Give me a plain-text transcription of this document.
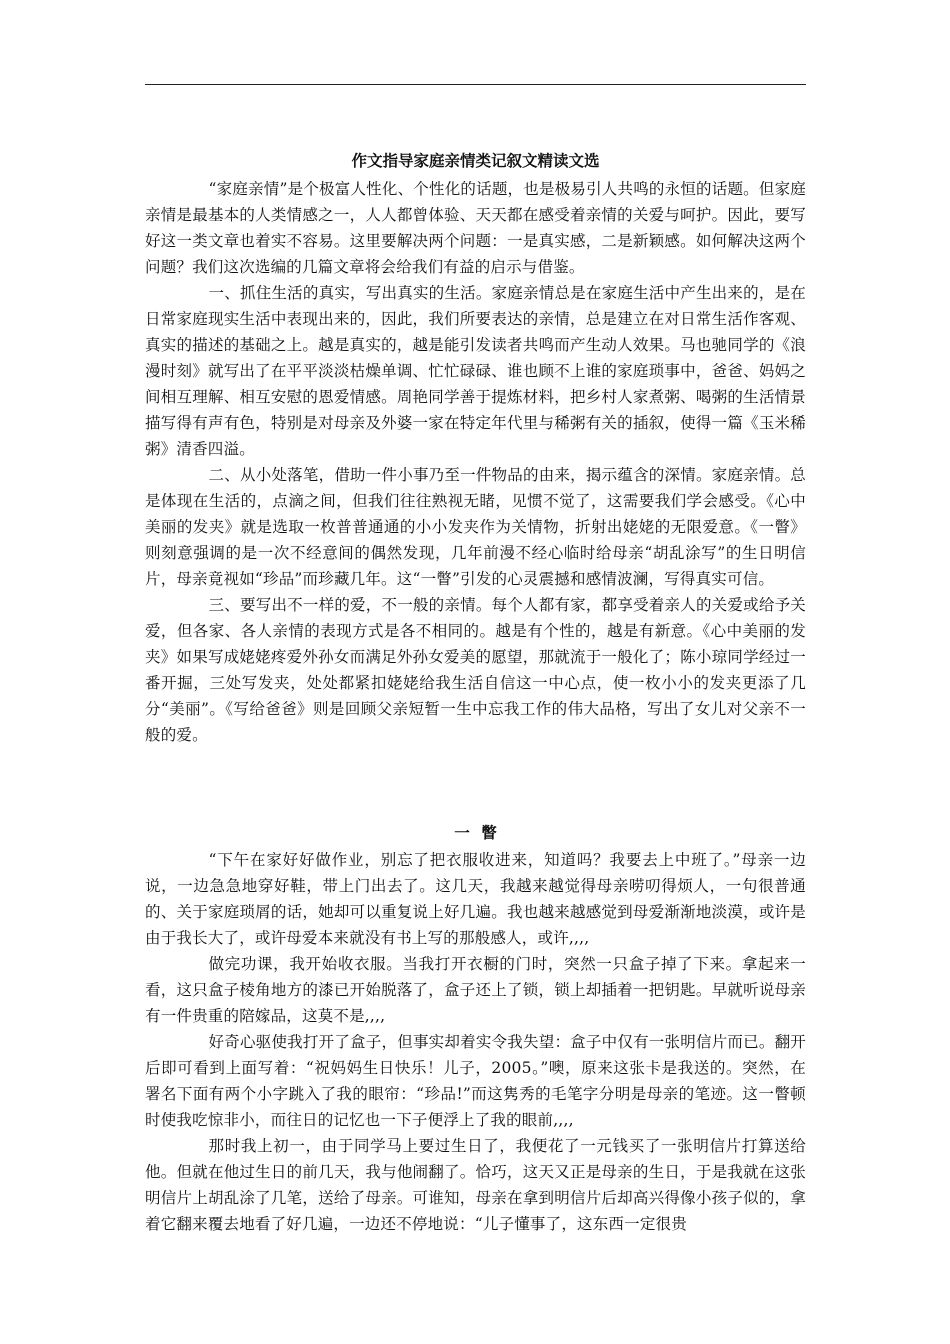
作文指导家庭亲情类记叙文精读文选

“家庭亲情”是个极富人性化、个性化的话题，也是极易引人共鸣的永恒的话题。但家庭亲情是最基本的人类情感之一，人人都曾体验、天天都在感受着亲情的关爱与呵护。因此，要写好这一类文章也着实不容易。这里要解决两个问题：一是真实感，二是新颖感。如何解决这两个问题？我们这次选编的几篇文章将会给我们有益的启示与借鉴。

一、抓住生活的真实，写出真实的生活。家庭亲情总是在家庭生活中产生出来的，是在日常家庭现实生活中表现出来的，因此，我们所要表达的亲情，总是建立在对日常生活作客观、真实的描述的基础之上。越是真实的，越是能引发读者共鸣而产生动人效果。马也驰同学的《浪漫时刻》就写出了在平平淡淡枯燥单调、忙忙碌碌、谁也顾不上谁的家庭琐事中，爸爸、妈妈之间相互理解、相互安慰的恩爱情感。周艳同学善于提炼材料，把乡村人家煮粥、喝粥的生活情景描写得有声有色，特别是对母亲及外婆一家在特定年代里与稀粥有关的插叙，使得一篇《玉米稀粥》清香四溢。

二、从小处落笔，借助一件小事乃至一件物品的由来，揭示蕴含的深情。家庭亲情。总是体现在生活的，点滴之间，但我们往往熟视无睹，见惯不觉了，这需要我们学会感受。《心中美丽的发夹》就是选取一枚普普通通的小小发夹作为关情物，折射出姥姥的无限爱意。《一瞥》则刻意强调的是一次不经意间的偶然发现，几年前漫不经心临时给母亲“胡乱涂写”的生日明信片，母亲竟视如“珍品”而珍藏几年。这“一瞥”引发的心灵震撼和感情波澜，写得真实可信。

三、要写出不一样的爱，不一般的亲情。每个人都有家，都享受着亲人的关爱或给予关爱，但各家、各人亲情的表现方式是各不相同的。越是有个性的，越是有新意。《心中美丽的发夹》如果写成姥姥疼爱外孙女而满足外孙女爱美的愿望，那就流于一般化了；陈小琼同学经过一番开掘，三处写发夹，处处都紧扣姥姥给我生活自信这一中心点，使一枚小小的发夹更添了几分“美丽”。《写给爸爸》则是回顾父亲短暂一生中忘我工作的伟大品格，写出了女儿对父亲不一般的爱。

一 瞥

“下午在家好好做作业，别忘了把衣服收进来，知道吗？我要去上中班了。”母亲一边说，一边急急地穿好鞋，带上门出去了。这几天，我越来越觉得母亲唠叨得烦人，一句很普通的、关于家庭琐屑的话，她却可以重复说上好几遍。我也越来越感觉到母爱渐渐地淡漠，或许是由于我长大了，或许母爱本来就没有书上写的那般感人，或许,,,,

做完功课，我开始收衣服。当我打开衣橱的门时，突然一只盒子掉了下来。拿起来一看，这只盒子棱角地方的漆已开始脱落了，盒子还上了锁，锁上却插着一把钥匙。早就听说母亲有一件贵重的陪嫁品，这莫不是,,,,

好奇心驱使我打开了盒子，但事实却着实令我失望：盒子中仅有一张明信片而已。翻开后即可看到上面写着：“祝妈妈生日快乐！儿子，2005。”噢，原来这张卡是我送的。突然，在署名下面有两个小字跳入了我的眼帘：“珍品!”而这隽秀的毛笔字分明是母亲的笔迹。这一瞥顿时使我吃惊非小，而往日的记忆也一下子便浮上了我的眼前,,,,

那时我上初一，由于同学马上要过生日了，我便花了一元钱买了一张明信片打算送给他。但就在他过生日的前几天，我与他闹翻了。恰巧，这天又正是母亲的生日，于是我就在这张明信片上胡乱涂了几笔，送给了母亲。可谁知，母亲在拿到明信片后却高兴得像小孩子似的，拿着它翻来覆去地看了好几遍，一边还不停地说：“儿子懂事了，这东西一定很贵
